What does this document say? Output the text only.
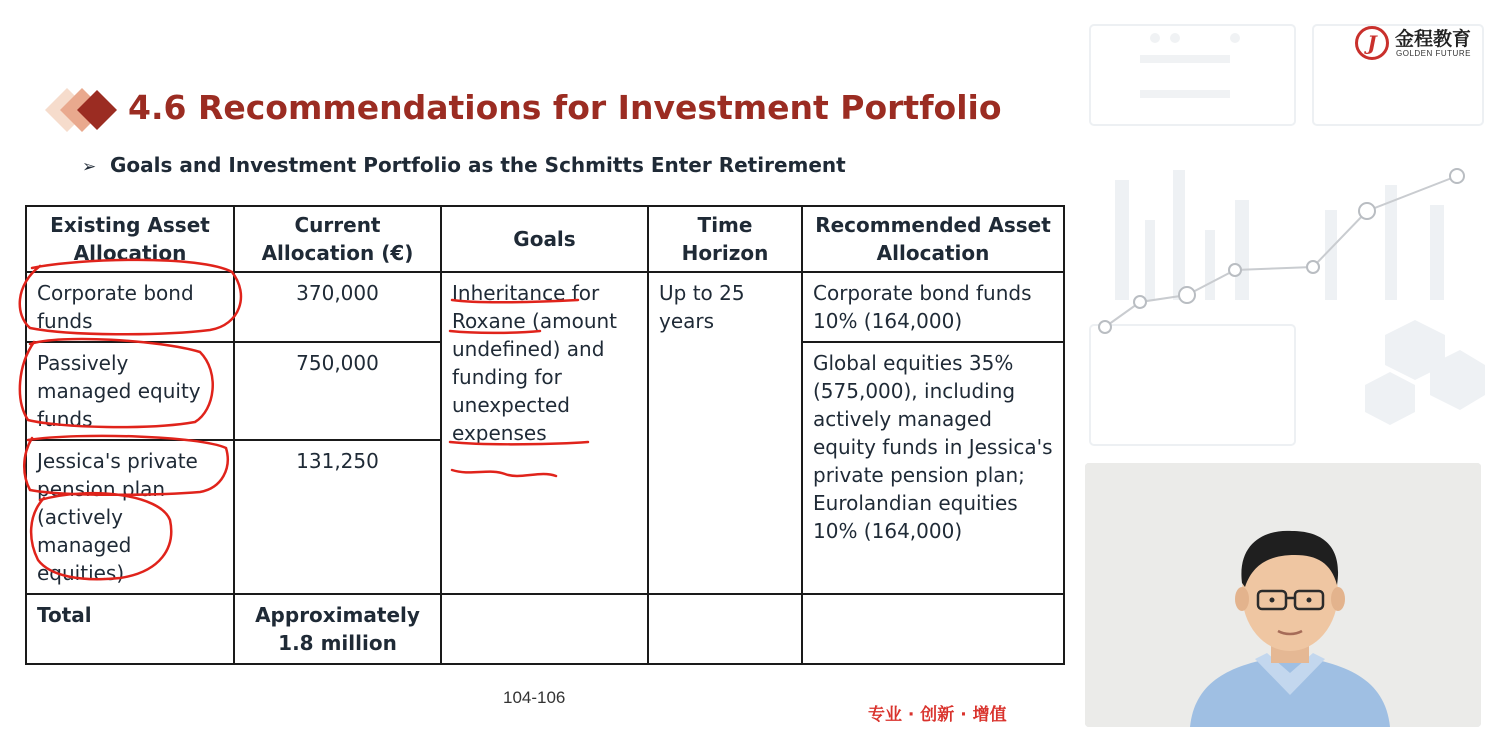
J 金程教育
GOLDEN FUTURE
4.6 Recommendations for Investment Portfolio
➢ Goals and Investment Portfolio as the Schmitts Enter Retirement
Existing Asset Allocation	Current Allocation (€)	Goals	Time Horizon	Recommended Asset Allocation
Corporate bond funds	370,000	Inheritance for Roxane (amount undefined) and funding for unexpected expenses	Up to 25 years	Corporate bond funds 10% (164,000)
Passively managed equity funds	750,000			Global equities 35% (575,000), including actively managed equity funds in Jessica's private pension plan; Eurolandian equities 10% (164,000)
Jessica's private pension plan (actively managed equities)	131,250			
Total	Approximately 1.8 million			
104-106
专业 · 创新 · 增值
